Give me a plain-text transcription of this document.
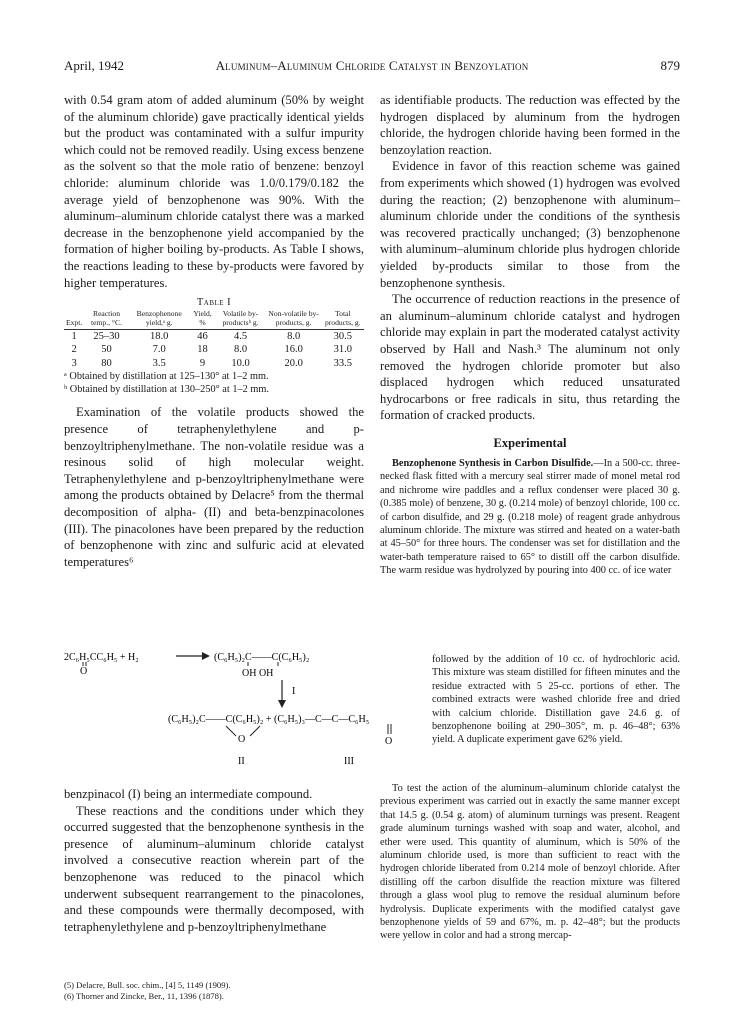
April, 1942	Aluminum–Aluminum Chloride Catalyst in Benzoylation	879

with 0.54 gram atom of added aluminum (50% by weight of the aluminum chloride) gave practically identical yields but the product was contaminated with a sulfur impurity which could not be removed readily. Using excess benzene as the solvent so that the mole ratio of benzene: benzoyl chloride: aluminum chloride was 1.0/0.179/0.182 the average yield of benzophenone was 90%. With the aluminum–aluminum chloride catalyst there was a marked decrease in the benzophenone yield accompanied by the formation of higher boiling by-products. As Table I shows, the reactions leading to these by-products were favored by higher temperatures.

Table I
Expt.	Reaction temp., °C.	Benzophenone yield,ᵃ g.	Yield, %	Volatile by-productsᵇ g.	Non-volatile by-products, g.	Total products, g.
1	25–30	18.0	46	4.5	8.0	30.5
2	50	7.0	18	8.0	16.0	31.0
3	80	3.5	9	10.0	20.0	33.5

ᵃ Obtained by distillation at 125–130° at 1–2 mm.

ᵇ Obtained by distillation at 130–250° at 1–2 mm.

Examination of the volatile products showed the presence of tetraphenylethylene and p-benzoyltriphenylmethane. The non-volatile residue was a resinous solid of high molecular weight. Tetraphenylethylene and p-benzoyltriphenylmethane were among the products obtained by Delacre⁵ from the thermal decomposition of alpha- (II) and beta-benzpinacolones (III). The pinacolones have been prepared by the reduction of benzophenone with zinc and sulfuric acid at elevated temperatures⁶

2C₆H₅CC₆H₅ + H₂
O
(C₆H₅)₂C——C(C₆H₅)₂
OH OH
I
(C₆H₅)₂C——C(C₆H₅)₂ + (C₆H₅)₃—C—C—C₆H₅
O	O
II	III

benzpinacol (I) being an intermediate compound.

These reactions and the conditions under which they occurred suggested that the benzophenone synthesis in the presence of aluminum–aluminum chloride catalyst involved a consecutive reaction wherein part of the benzophenone was reduced to the pinacol which underwent subsequent rearrangement to the pinacolones, and these compounds were thermally decomposed, with tetraphenylethylene and p-benzoyltriphenylmethane

(5) Delacre, Bull. soc. chim., [4] 5, 1149 (1909).
(6) Thorner and Zincke, Ber., 11, 1396 (1878).

as identifiable products. The reduction was effected by the hydrogen displaced by aluminum from the hydrogen chloride, the hydrogen chloride having been formed in the benzoylation reaction.

Evidence in favor of this reaction scheme was gained from experiments which showed (1) hydrogen was evolved during the reaction; (2) benzophenone with aluminum–aluminum chloride under the conditions of the synthesis was recovered practically unchanged; (3) benzophenone with aluminum–aluminum chloride plus hydrogen chloride yielded by-products similar to those from the benzophenone synthesis.

The occurrence of reduction reactions in the presence of an aluminum–aluminum chloride catalyst and hydrogen chloride may explain in part the moderated catalyst activity observed by Hall and Nash.³ The aluminum not only removed the hydrogen chloride promoter but also displaced hydrogen which reduced unsaturated hydrocarbons or free radicals in situ, thus retarding the formation of cracked products.

Experimental

Benzophenone Synthesis in Carbon Disulfide.—In a 500-cc. three-necked flask fitted with a mercury seal stirrer made of monel metal rod and nichrome wire paddles and a reflux condenser were placed 30 g. (0.385 mole) of benzene, 30 g. (0.214 mole) of benzoyl chloride, 100 cc. of carbon disulfide, and 29 g. (0.218 mole) of reagent grade anhydrous aluminum chloride. The mixture was stirred and heated on a water-bath at 45–50° for three hours. The condenser was set for distillation and the water-bath temperature raised to 65° to distill off the carbon disulfide. The warm residue was hydrolyzed by pouring into 400 cc. of ice water

followed by the addition of 10 cc. of hydrochloric acid. This mixture was steam distilled for fifteen minutes and the residue extracted with 5 25-cc. portions of ether. The combined extracts were washed chloride free and dried with calcium chloride. Distillation gave 24.6 g. of benzophenone boiling at 290–305°, m. p. 46–48°; 63% yield. A duplicate experiment gave 62% yield.

To test the action of the aluminum–aluminum chloride catalyst the previous experiment was carried out in exactly the same manner except that 14.5 g. (0.54 g. atom) of aluminum turnings was present. Reagent grade aluminum turnings washed with soap and water, alcohol, and ether were used. This quantity of aluminum, which is 50% of the aluminum chloride used, is more than sufficient to react with the hydrogen chloride liberated from 0.214 mole of benzoyl chloride. After distilling off the carbon disulfide the reaction mixture was filtered through a glass wool plug to remove the residual aluminum before hydrolysis. Duplicate experiments with the modified catalyst gave benzophenone yields of 59 and 67%, m. p. 42–48°; but the products were yellow in color and had a strong mercap-
